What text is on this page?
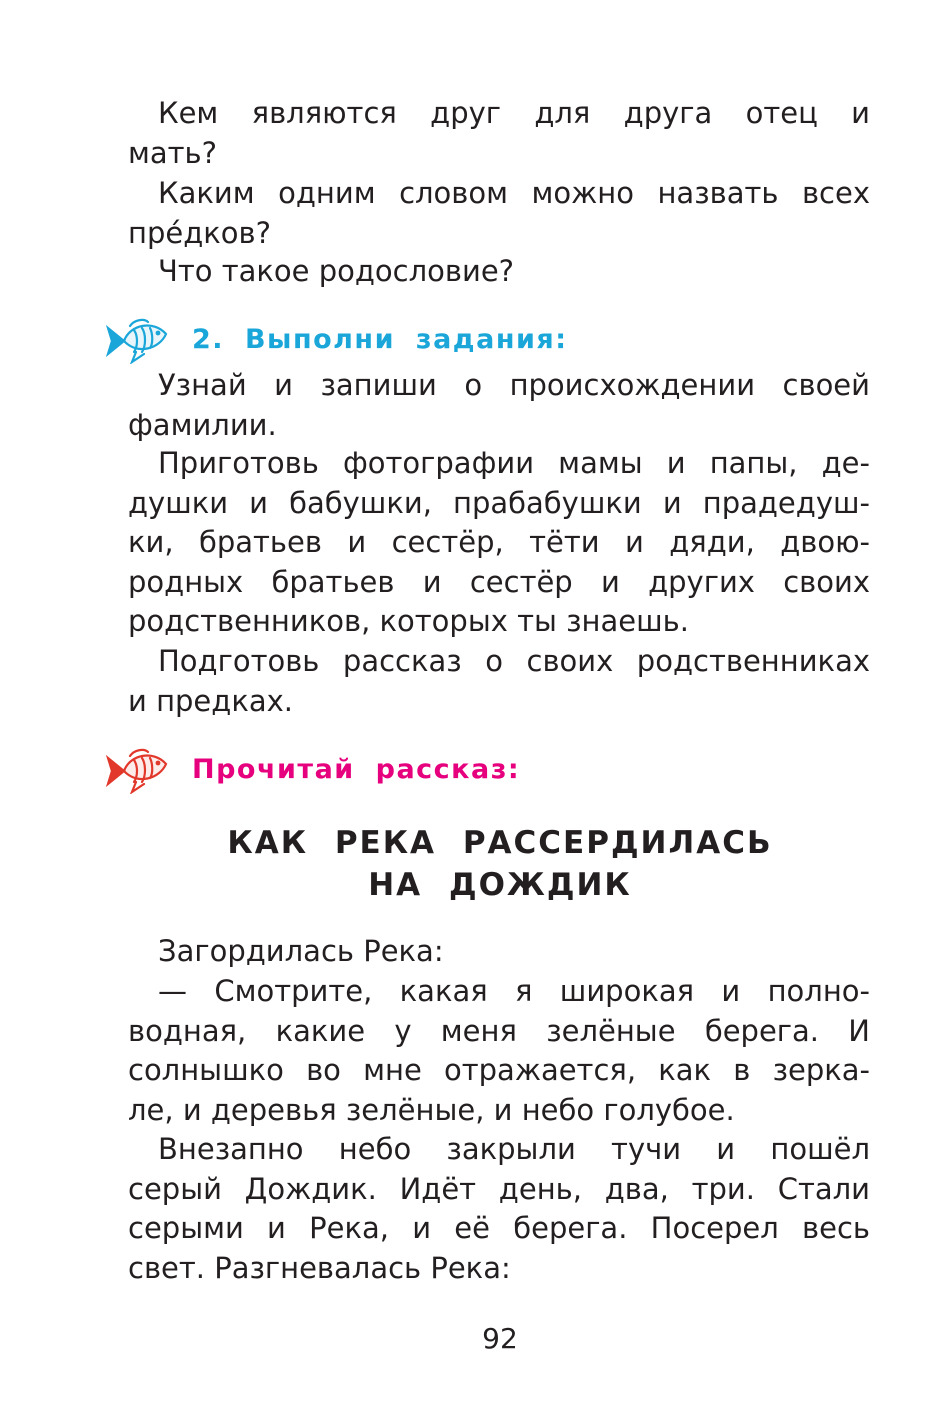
Кем являются друг для друга отец и
мать?
Каким одним словом можно назвать всех
пре́дков?
Что такое родословие?
2. Выполни задания:
Узнай и запиши о происхождении своей
фамилии.
Приготовь фотографии мамы и папы, де-
душки и бабушки, прабабушки и прадедуш-
ки, братьев и сестёр, тёти и дяди, двою-
родных братьев и сестёр и других своих
родственников, которых ты знаешь.
Подготовь рассказ о своих родственниках
и предках.
Прочитай рассказ:
КАК РЕКА РАССЕРДИЛАСЬ
НА ДОЖДИК
Загордилась Река:
— Смотрите, какая я широкая и полно-
водная, какие у меня зелёные берега. И
солнышко во мне отражается, как в зерка-
ле, и деревья зелёные, и небо голубое.
Внезапно небо закрыли тучи и пошёл
серый Дождик. Идёт день, два, три. Стали
серыми и Река, и её берега. Посерел весь
свет. Разгневалась Река:
92
